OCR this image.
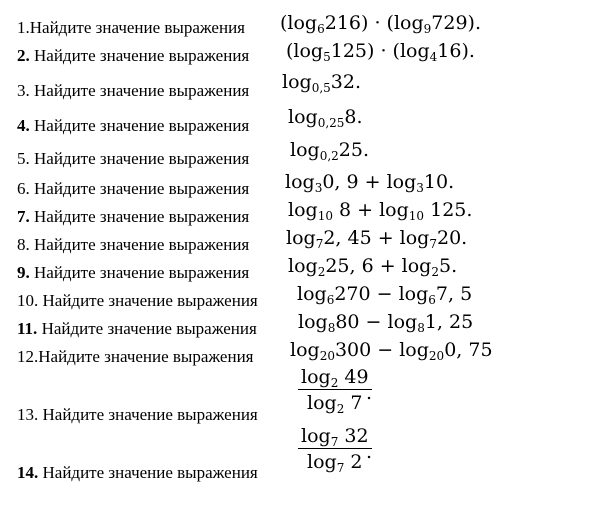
1.Найдите значение выражения $(\log_6216) \cdot (\log_9729)$.
2. Найдите значение выражения $(\log_5125) \cdot (\log_416)$.
3. Найдите значение выражения $\log_{0,5}32$.
4. Найдите значение выражения $\log_{0,25}8$.
5. Найдите значение выражения $\log_{0,2}25$.
6. Найдите значение выражения $\log_30$, $9 + \log_310$.
7. Найдите значение выражения $\log_{10} 8 + \log_{10} 125$.
8. Найдите значение выражения $\log_72$, $45 + \log_720$.
9. Найдите значение выражения $\log_225$, $6 + \log_25$.
10. Найдите значение выражения $\log_6270 - \log_67$, 5
11. Найдите значение выражения $\log_880 - \log_81$, 25
12.Найдите значение выражения $\log_{20}300 - \log_{20}0$, 75
13. Найдите значение выражения
$\log_2 49$
$\log_2 7$ .
14. Найдите значение выражения
$\log_7 32$
$\log_7 2$ .
